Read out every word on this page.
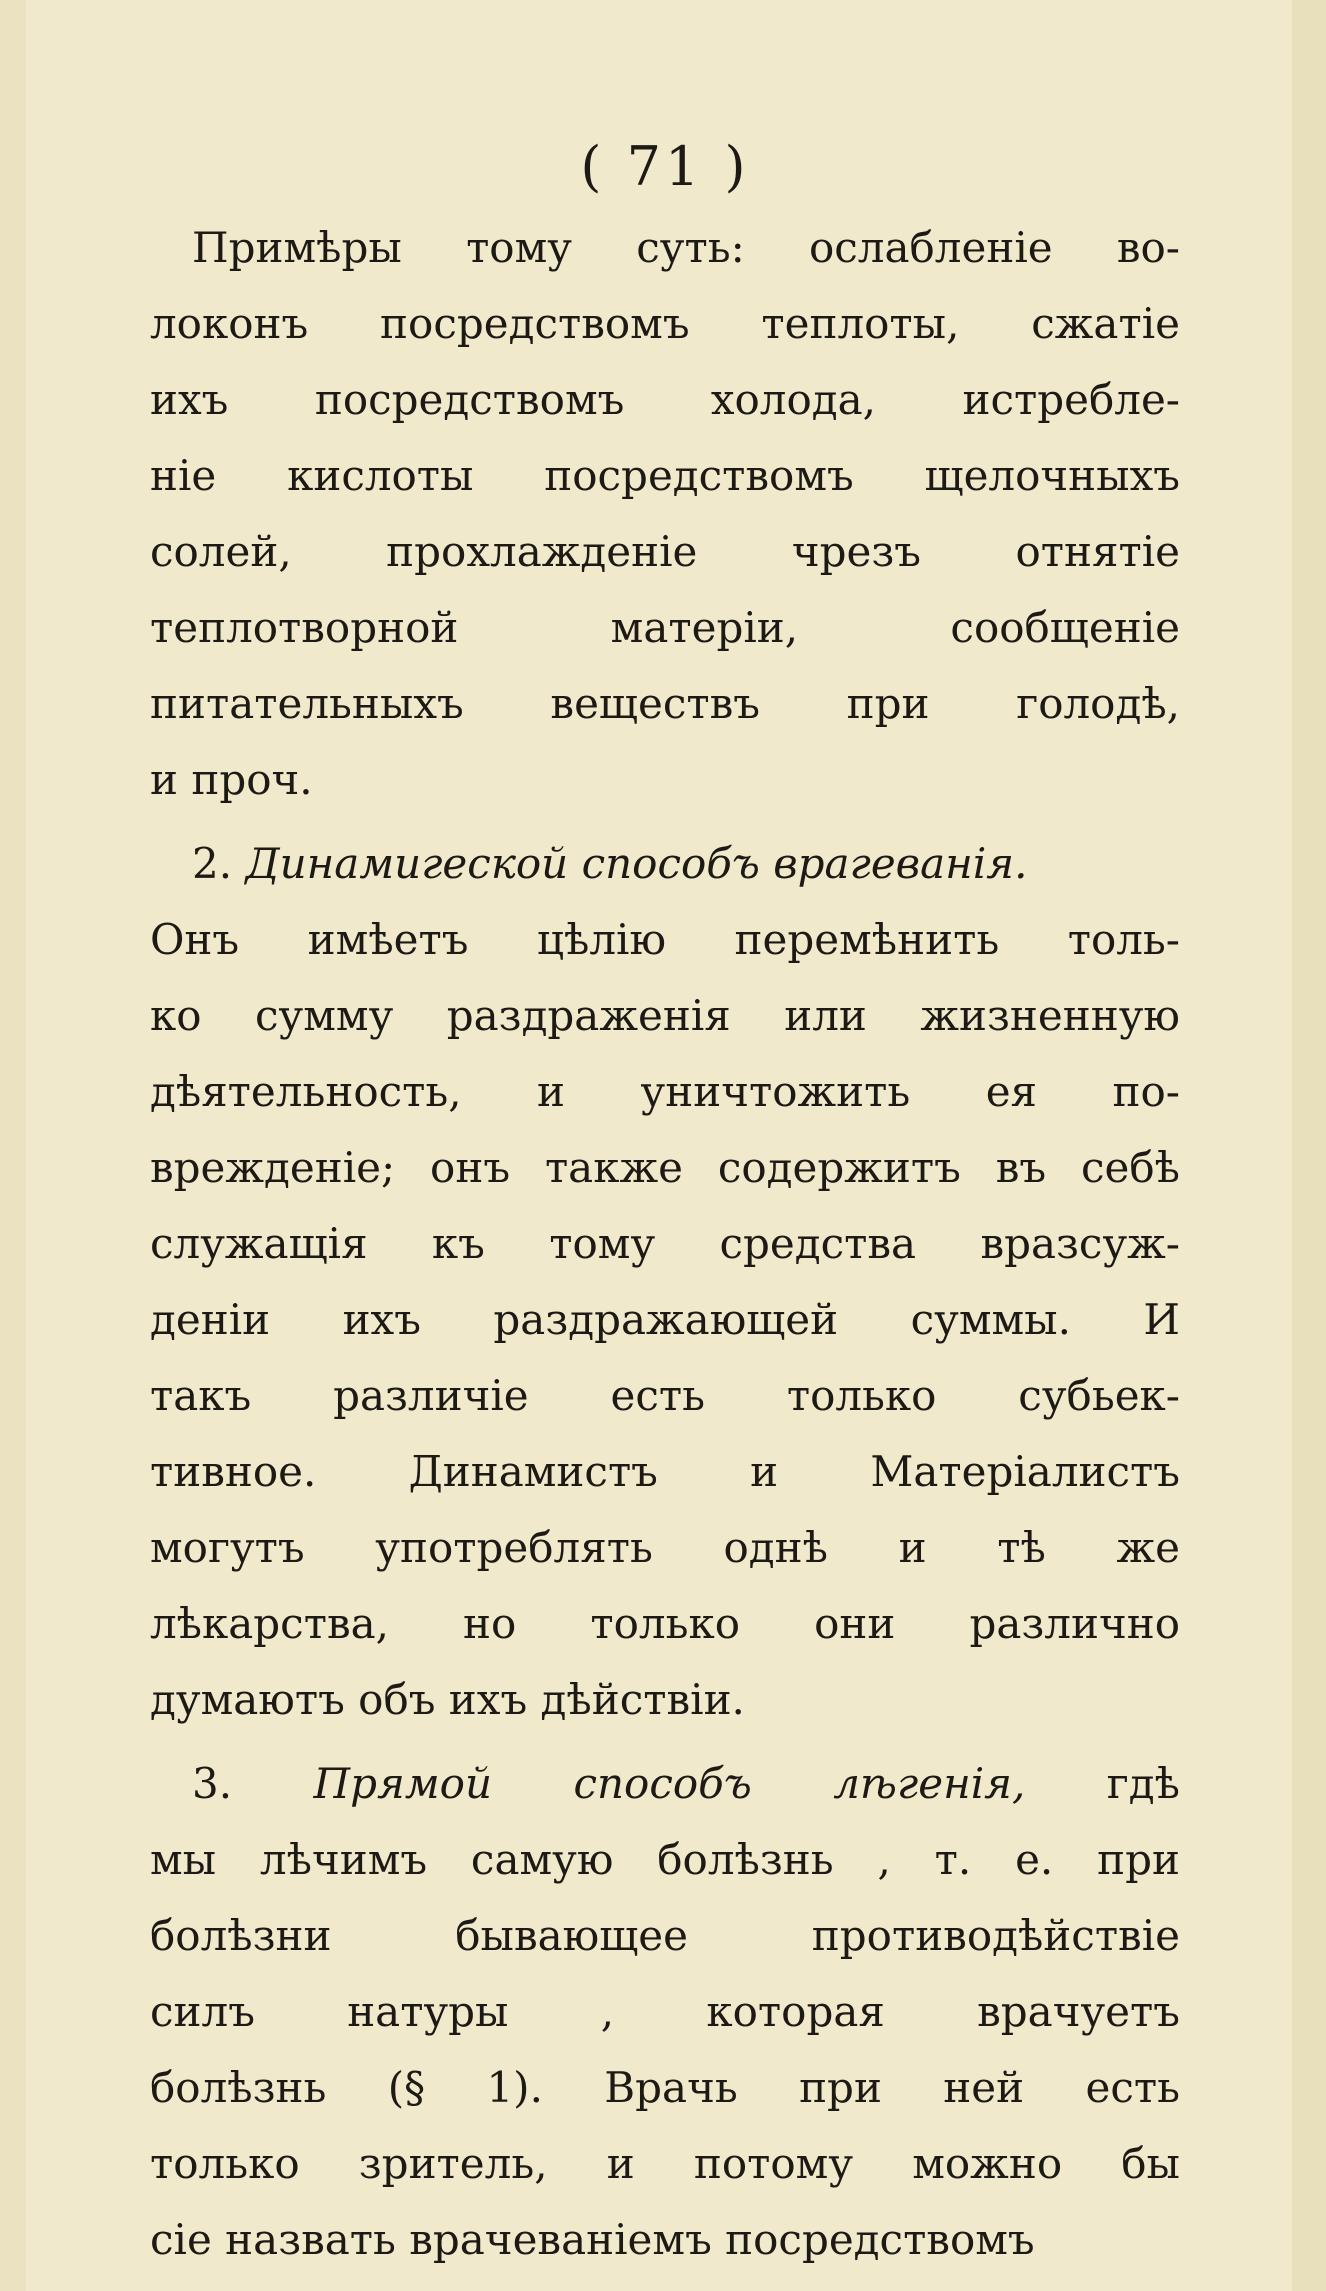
( 71 )
Примѣры тому суть: ослабленіе во-
локонъ посредствомъ теплоты, сжатіе
ихъ посредствомъ холода, истребле-
ніе кислоты посредствомъ щелочныхъ
солей, прохлажденіе чрезъ отнятіе
теплотворной матеріи, сообщеніе
питательныхъ веществъ при голодѣ,
и проч.
2. Динамигеской способъ врагеванія.
Онъ имѣетъ цѣлію перемѣнить толь-
ко сумму раздраженія или жизненную
дѣятельность, и уничтожить ея по-
врежденіе; онъ также содержитъ въ себѣ
служащія къ тому средства вразсуж-
деніи ихъ раздражающей суммы. И
такъ различіе есть только субьек-
тивное. Динамистъ и Матеріалистъ
могутъ употреблять однѣ и тѣ же
лѣкарства, но только они различно
думаютъ объ ихъ дѣйствіи.
3. Прямой способъ лѣгенія, гдѣ
мы лѣчимъ самую болѣзнь , т. е. при
болѣзни бывающее противодѣйствіе
силъ натуры , которая врачуетъ
болѣзнь (§ 1). Врачь при ней есть
только зритель, и потому можно бы
сіе назвать врачеваніемъ посредствомъ
